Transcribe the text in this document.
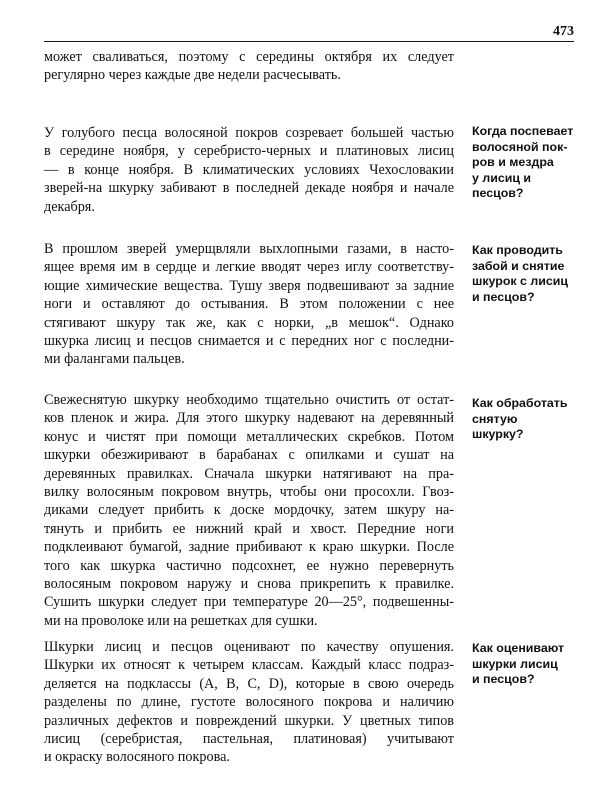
473
может сваливаться, поэтому с середины октября их следует
регулярно через каждые две недели расчесывать.
У голубого песца волосяной покров созревает большей частью
в середине ноября, у серебристо-черных и платиновых лисиц
— в конце ноября. В климатических условиях Чехословакии
зверей-на шкурку забивают в последней декаде ноября и начале
декабря.
Когда поспевает
волосяной пок-
ров и мездра
у лисиц и
песцов?
В прошлом зверей умерщвляли выхлопными газами, в насто-
ящее время им в сердце и легкие вводят через иглу соответству-
ющие химические вещества. Тушу зверя подвешивают за задние
ноги и оставляют до остывания. В этом положении с нее
стягивают шкуру так же, как с норки, „в мешок“. Однако
шкурка лисиц и песцов снимается и с передних ног с последни-
ми фалангами пальцев.
Как проводить
забой и снятие
шкурок с лисиц
и песцов?
Свежеснятую шкурку необходимо тщательно очистить от остат-
ков пленок и жира. Для этого шкурку надевают на деревянный
конус и чистят при помощи металлических скребков. Потом
шкурки обезжиривают в барабанах с опилками и сушат на
деревянных правилках. Сначала шкурки натягивают на пра-
вилку волосяным покровом внутрь, чтобы они просохли. Гвоз-
диками следует прибить к доске мордочку, затем шкуру на-
тянуть и прибить ее нижний край и хвост. Передние ноги
подклеивают бумагой, задние прибивают к краю шкурки. После
того как шкурка частично подсохнет, ее нужно перевернуть
волосяным покровом наружу и снова прикрепить к правилке.
Сушить шкурки следует при температуре 20—25°, подвешенны-
ми на проволоке или на решетках для сушки.
Как обработать
снятую
шкурку?
Шкурки лисиц и песцов оценивают по качеству опушения.
Шкурки их относят к четырем классам. Каждый класс подраз-
деляется на подклассы (А, В, С, D), которые в свою очередь
разделены по длине, густоте волосяного покрова и наличию
различных дефектов и повреждений шкурки. У цветных типов
лисиц (серебристая, пастельная, платиновая) учитывают
и окраску волосяного покрова.
Как оценивают
шкурки лисиц
и песцов?
